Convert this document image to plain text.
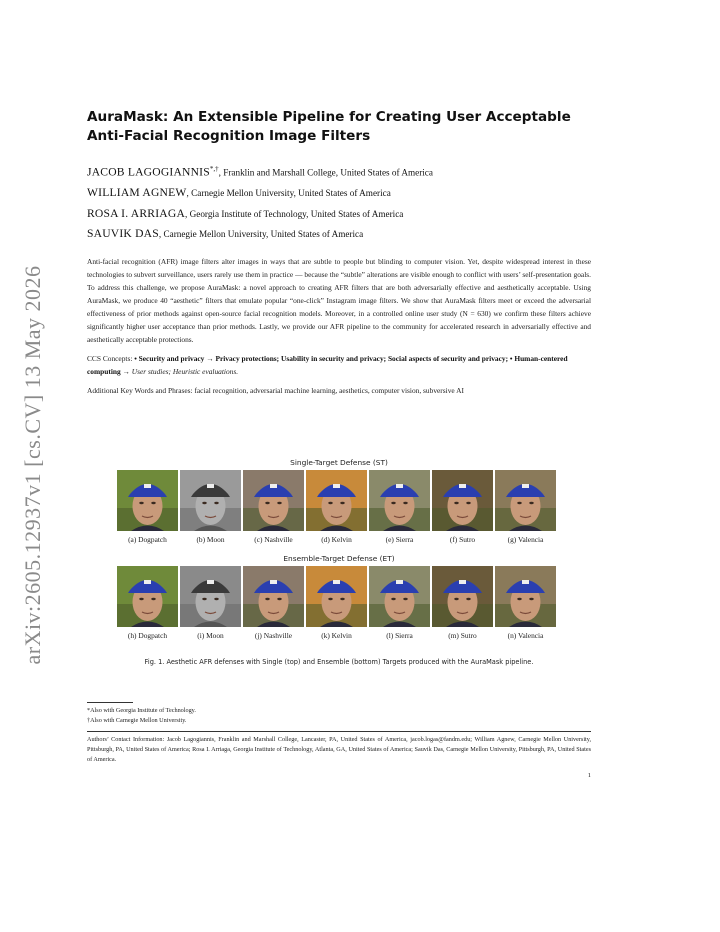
arXiv:2605.12937v1 [cs.CV] 13 May 2026
AuraMask: An Extensible Pipeline for Creating User Acceptable Anti-Facial Recognition Image Filters
JACOB LAGOGIANNIS*,†, Franklin and Marshall College, United States of America
WILLIAM AGNEW, Carnegie Mellon University, United States of America
ROSA I. ARRIAGA, Georgia Institute of Technology, United States of America
SAUVIK DAS, Carnegie Mellon University, United States of America
Anti-facial recognition (AFR) image filters alter images in ways that are subtle to people but blinding to computer vision. Yet, despite widespread interest in these technologies to subvert surveillance, users rarely use them in practice — because the “subtle” alterations are visible enough to conflict with users’ self-presentation goals. To address this challenge, we propose AuraMask: a novel approach to creating AFR filters that are both adversarially effective and aesthetically acceptable. Using AuraMask, we produce 40 “aesthetic” filters that emulate popular “one-click” Instagram image filters. We show that AuraMask filters meet or exceed the adversarial effectiveness of prior methods against open-source facial recognition models. Moreover, in a controlled online user study (N = 630) we confirm these filters achieve significantly higher user acceptance than prior methods. Lastly, we provide our AFR pipeline to the community for accelerated research in adversarially effective and aesthetically acceptable protections.
CCS Concepts: • Security and privacy → Privacy protections; Usability in security and privacy; Social aspects of security and privacy; • Human-centered computing → User studies; Heuristic evaluations.
Additional Key Words and Phrases: facial recognition, adversarial machine learning, aesthetics, computer vision, subversive AI
Single-Target Defense (ST)
(a) Dogpatch	(b) Moon	(c) Nashville	(d) Kelvin	(e) Sierra	(f) Sutro	(g) Valencia
Ensemble-Target Defense (ET)
(h) Dogpatch	(i) Moon	(j) Nashville	(k) Kelvin	(l) Sierra	(m) Sutro	(n) Valencia
Fig. 1. Aesthetic AFR defenses with Single (top) and Ensemble (bottom) Targets produced with the AuraMask pipeline.
*Also with Georgia Institute of Technology.
†Also with Carnegie Mellon University.
Authors’ Contact Information: Jacob Lagogiannis, Franklin and Marshall College, Lancaster, PA, United States of America, jacob.logas@fandm.edu; William Agnew, Carnegie Mellon University, Pittsburgh, PA, United States of America; Rosa I. Arriaga, Georgia Institute of Technology, Atlanta, GA, United States of America; Sauvik Das, Carnegie Mellon University, Pittsburgh, PA, United States of America.
1
